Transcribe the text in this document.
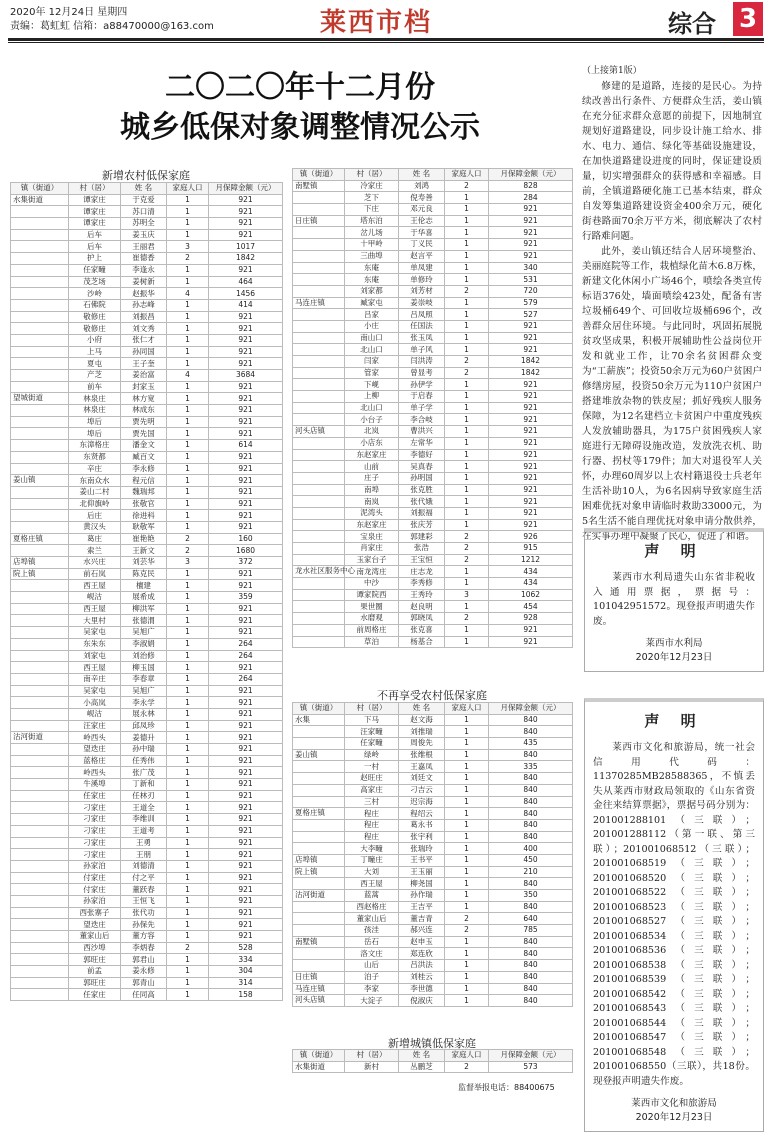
2020年 12月24日 星期四
责编：葛虹虹 信箱：a88470000@163.com	莱西市档	综合 3
二〇二〇年十二月份
城乡低保对象调整情况公示
新增农村低保家庭
镇（街道）	村（居）	姓 名	家庭人口	月保障金额（元）
水集街道	谭家庄	于克爱	1	921
	谭家庄	苏口清	1	921
	谭家庄	苏明全	1	921
	后车	姜玉庆	1	921
	后车	王丽君	3	1017
	护上	崔德香	2	1842
	任家疃	李逢永	1	921
	茂芝场	姜树新	1	464
	沙岭	赵振华	4	1456
	石佛院	孙志峰	1	414
	敬修庄	刘振昌	1	921
	敬修庄	刘文秀	1	921
	小府	张仁才	1	921
	上马	孙同国	1	921
	夏屯	王子奎	1	921
	产芝	姜治富	4	3684
	前车	封家玉	1	921
望城街道	林泉庄	林方宽	1	921
	林泉庄	林成东	1	921
	埠后	贾先明	1	921
	埠后	贾先国	1	921
	东漳格庄	潘金文	1	614
	东贤都	臧百文	1	921
	辛庄	李永修	1	921
姜山镇	东南众水	程元信	1	921
	姜山二村	魏瑞邦	1	921
	北仰旗岭	张敬官	1	921
	后庄	徐进科	1	921
	黄汉头	耿敬军	1	921
夏格庄镇	葛庄	崔艳艳	2	160
	索兰	王新文	2	1680
店埠镇	水兴庄	刘芸华	3	372
院上镇	前石岚	陈克民	1	921
	西王屋	檀建	1	921
	岘沽	展希成	1	359
	西王屋	柳洪军	1	921
	大里村	张德渭	1	921
	吴家屯	吴旭广	1	921
	东朱东	李淑娟	1	264
	刘家屯	刘治修	1	264
	西王屋	柳玉国	1	921
	南辛庄	李春章	1	264
	吴家屯	吴旭广	1	921
	小高岚	李永学	1	921
	岘沽	展永林	1	921
	汪家庄	邱凤珍	1	921
沽河街道	岭西头	姜德升	1	921
	望迭庄	孙中瑞	1	921
	蓝格庄	任秀伟	1	921
	岭西头	张广茂	1	921
	牛溪埠	丁新和	1	921
	任家庄	任林刃	1	921
	刁家庄	王道全	1	921
	刁家庄	李维训	1	921
	刁家庄	王道考	1	921
	刁家庄	王勇	1	921
	刁家庄	王朋	1	921
	孙家泊	刘德清	1	921
	付家庄	付之平	1	921
	付家庄	董跃春	1	921
	孙家泊	王恒飞	1	921
	西张寨子	张代功	1	921
	望迭庄	孙保先	1	921
	董家山后	董方容	1	921
	西沙埠	李炳春	2	528
	郭旺庄	郭君山	1	334
	前孟	姜永修	1	304
	郭旺庄	郭青山	1	314
	任家庄	任同高	1	158
镇（街道）	村（居）	姓 名	家庭人口	月保障金额（元）
南墅镇	冷家庄	刘鸿	2	828
	芝下	倪寿善	1	284
	下庄	邓元良	1	921
日庄镇	塔东泊	王伦志	1	921
	岔儿场	于华喜	1	921
	十甲岭	丁义民	1	921
	三曲埠	赵言平	1	921
	东庵	单凤建	1	340
	东庵	单修玲	1	531
	刘家都	刘芳材	2	720
马连庄镇	臧家屯	姜崇岐	1	579
	吕家	吕凤照	1	527
	小庄	任国法	1	921
	南山口	张玉凤	1	921
	北山口	单子风	1	921
	闫家	闫洪涛	2	1842
	管家	曾显考	2	1842
	下岘	孙伊学	1	921
	上柳	于启春	1	921
	北山口	单子学	1	921
	小台子	李合岐	1	921
河头店镇	北岚	曹洪兴	1	921
	小店东	左常华	1	921
	东赵家庄	李德好	1	921
	山前	吴真春	1	921
	庄子	孙明国	1	921
	南埠	张克胜	1	921
	南岚	张代娥	1	921
	泥湾头	刘振福	1	921
	东赵家庄	张庆芳	1	921
	宝泉庄	郭建彩	2	926
	肖家庄	张浩	2	915
	玉家台子	王宝恒	2	1212
龙水社区服务中心	南龙湾庄	庄志龙	1	434
	中沙	李秀修	1	434
	谭家院西	王秀玲	3	1062
	果世圈	赵良明	1	454
	水磨观	郭晓凤	2	928
	前周格庄	张克喜	1	921
	草泊	杨基合	1	921
不再享受农村低保家庭
镇（街道）	村（居）	姓 名	家庭人口	月保障金额（元）
水集	下马	赵文海	1	840
	汪家疃	刘推瑞	1	840
	任家疃	周俊先	1	435
姜山镇	绿岭	张维根	1	840
	一村	王嘉凤	1	335
	赵旺庄	刘廷文	1	840
	高家庄	刁吉云	1	840
	三村	迟宗海	1	840
夏格庄镇	程庄	程绍云	1	840
	程庄	葛永书	1	840
	程庄	张宇利	1	840
	大李疃	张瑞玲	1	400
店埠镇	丁疃庄	王书平	1	450
院上镇	大刘	王玉丽	1	210
	西王屋	柳尧国	1	840
沽河街道	蓝蒿	孙作瑞	1	350
	西赵格庄	王吉平	1	840
	董家山后	董吉青	2	640
	孩洼	郝兴连	2	785
南墅镇	岳石	赵申玉	1	840
	洛文庄	郑连欣	1	840
	山后	吕洪法	1	840
日庄镇	泊子	刘桂云	1	840
马连庄镇	李家	李世德	1	840
河头店镇	大淀子	倪淑庆	1	840
新增城镇低保家庭
镇（街道）	村（居）	姓 名	家庭人口	月保障金额（元）
水集街道	新村	丛鹏芝	2	573
（上接第1版）

修建的是道路，连接的是民心。为持续改善出行条件、方便群众生活，姜山镇在充分征求群众意愿的前提下，因地制宜规划好道路建设，同步设计施工给水、排水、电力、通信、绿化等基础设施建设，在加快道路建设进度的同时，保证建设质量，切实增强群众的获得感和幸福感。目前，全镇道路硬化施工已基本结束，群众自发筹集道路建设资金400余万元，硬化街巷路面70余万平方米，彻底解决了农村行路难问题。

此外，姜山镇还结合人居环境整治、美丽庭院等工作，栽植绿化苗木6.8万株，新建文化休闲小广场46个，喷绘各类宣传标语376处，墙面喷绘423处，配备有害垃圾桶649个、可回收垃圾桶696个，改善群众居住环境。与此同时，巩固拓展脱贫攻坚成果，积极开展辅助性公益岗位开发和就业工作，让70余名贫困群众变为“工薪族”；投资50余万元为60户贫困户修缮房屋，投资50余万元为110户贫困户搭建堆放杂物的铁皮屋；抓好残疾人服务保障，为12名建档立卡贫困户中重度残疾人发放辅助器具，为175户贫困残疾人家庭进行无障碍设施改造，发放洗衣机、助行器、拐杖等179件；加大对退役军人关怀，办理60周岁以上农村籍退役士兵老年生活补助10人，为6名因病导致家庭生活困难优抚对象申请临时救助33000元，为5名生活不能自理优抚对象申请分散供养，在实事办理中凝聚了民心，促进了和谐。

声 明
莱西市水利局遗失山东省非税收入通用票据，票据号：101042951572。现登报声明遗失作废。
莱西市水利局
2020年12月23日
声 明
莱西市文化和旅游局，统一社会信用代码：11370285MB28588365，不慎丢失从莱西市财政局领取的《山东省资金往来结算票据》，票据号码分别为：201001288101（三联）；201001288112（第一联、第三联）；201001068512（三联）；201001068519（三联）；201001068520（三联）；201001068522（三联）；201001068523（三联）；201001068527（三联）；201001068534（三联）；201001068536（三联）；201001068538（三联）；201001068539（三联）；201001068542（三联）；201001068543（三联）；201001068544（三联）；201001068547（三联）；201001068548（三联）；201001068550（三联），共18份。现登报声明遗失作废。
莱西市文化和旅游局
2020年12月23日
监督举报电话：88400675
